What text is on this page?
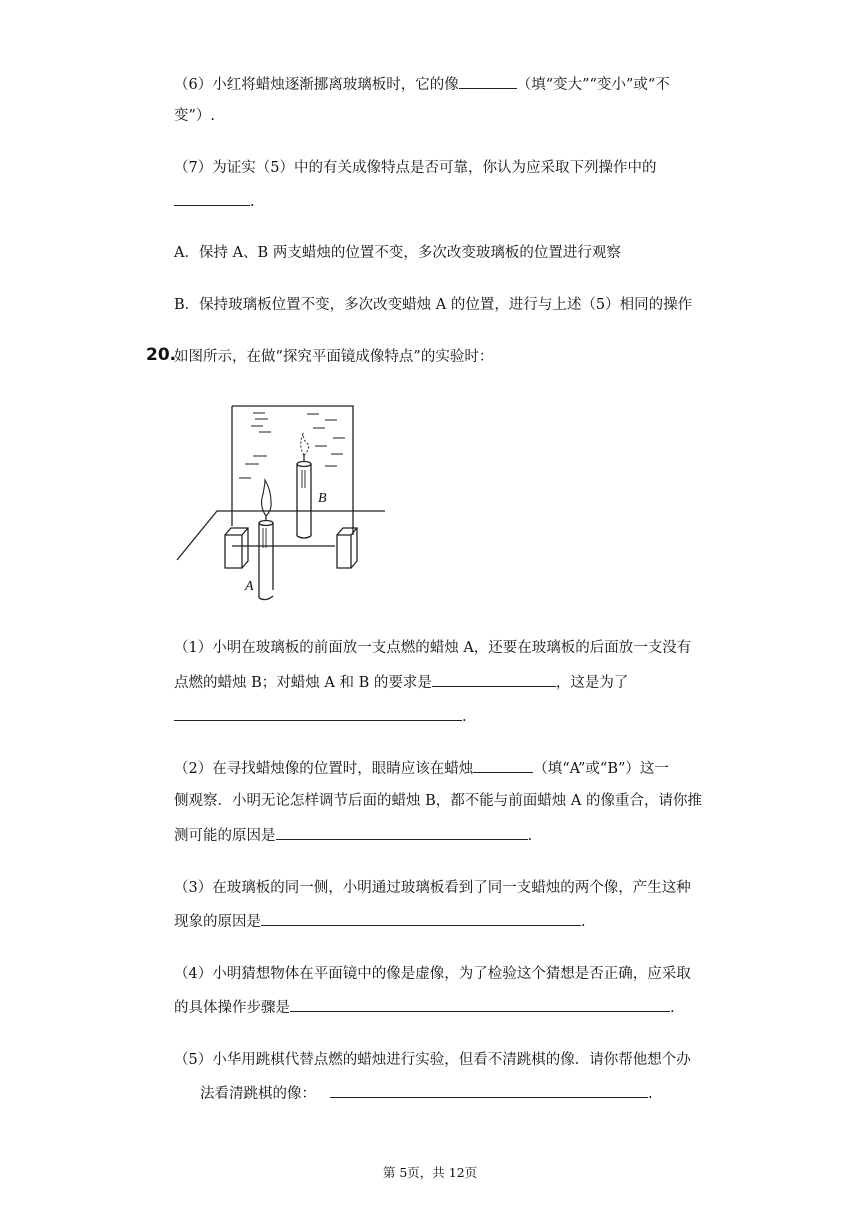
（6）小红将蜡烛逐渐挪离玻璃板时，它的像	（填“变大”“变小”或“不
变”）.
（7）为证实（5）中的有关成像特点是否可靠，你认为应采取下列操作中的
.
A．保持 A、B 两支蜡烛的位置不变，多次改变玻璃板的位置进行观察
B．保持玻璃板位置不变，多次改变蜡烛 A 的位置，进行与上述（5）相同的操作
20.
如图所示，在做“探究平面镜成像特点”的实验时：
B
A
（1）小明在玻璃板的前面放一支点燃的蜡烛 A，还要在玻璃板的后面放一支没有
点燃的蜡烛 B；对蜡烛 A 和 B 的要求是	，这是为了
.
（2）在寻找蜡烛像的位置时，眼睛应该在蜡烛	（填“A”或“B”）这一
侧观察．小明无论怎样调节后面的蜡烛 B，都不能与前面蜡烛 A 的像重合，请你推
测可能的原因是	.
（3）在玻璃板的同一侧，小明通过玻璃板看到了同一支蜡烛的两个像，产生这种
现象的原因是	.
（4）小明猜想物体在平面镜中的像是虚像，为了检验这个猜想是否正确，应采取
的具体操作步骤是	.
（5）小华用跳棋代替点燃的蜡烛进行实验，但看不清跳棋的像．请你帮他想个办
法看清跳棋的像：	.
第 5页，共 12页
